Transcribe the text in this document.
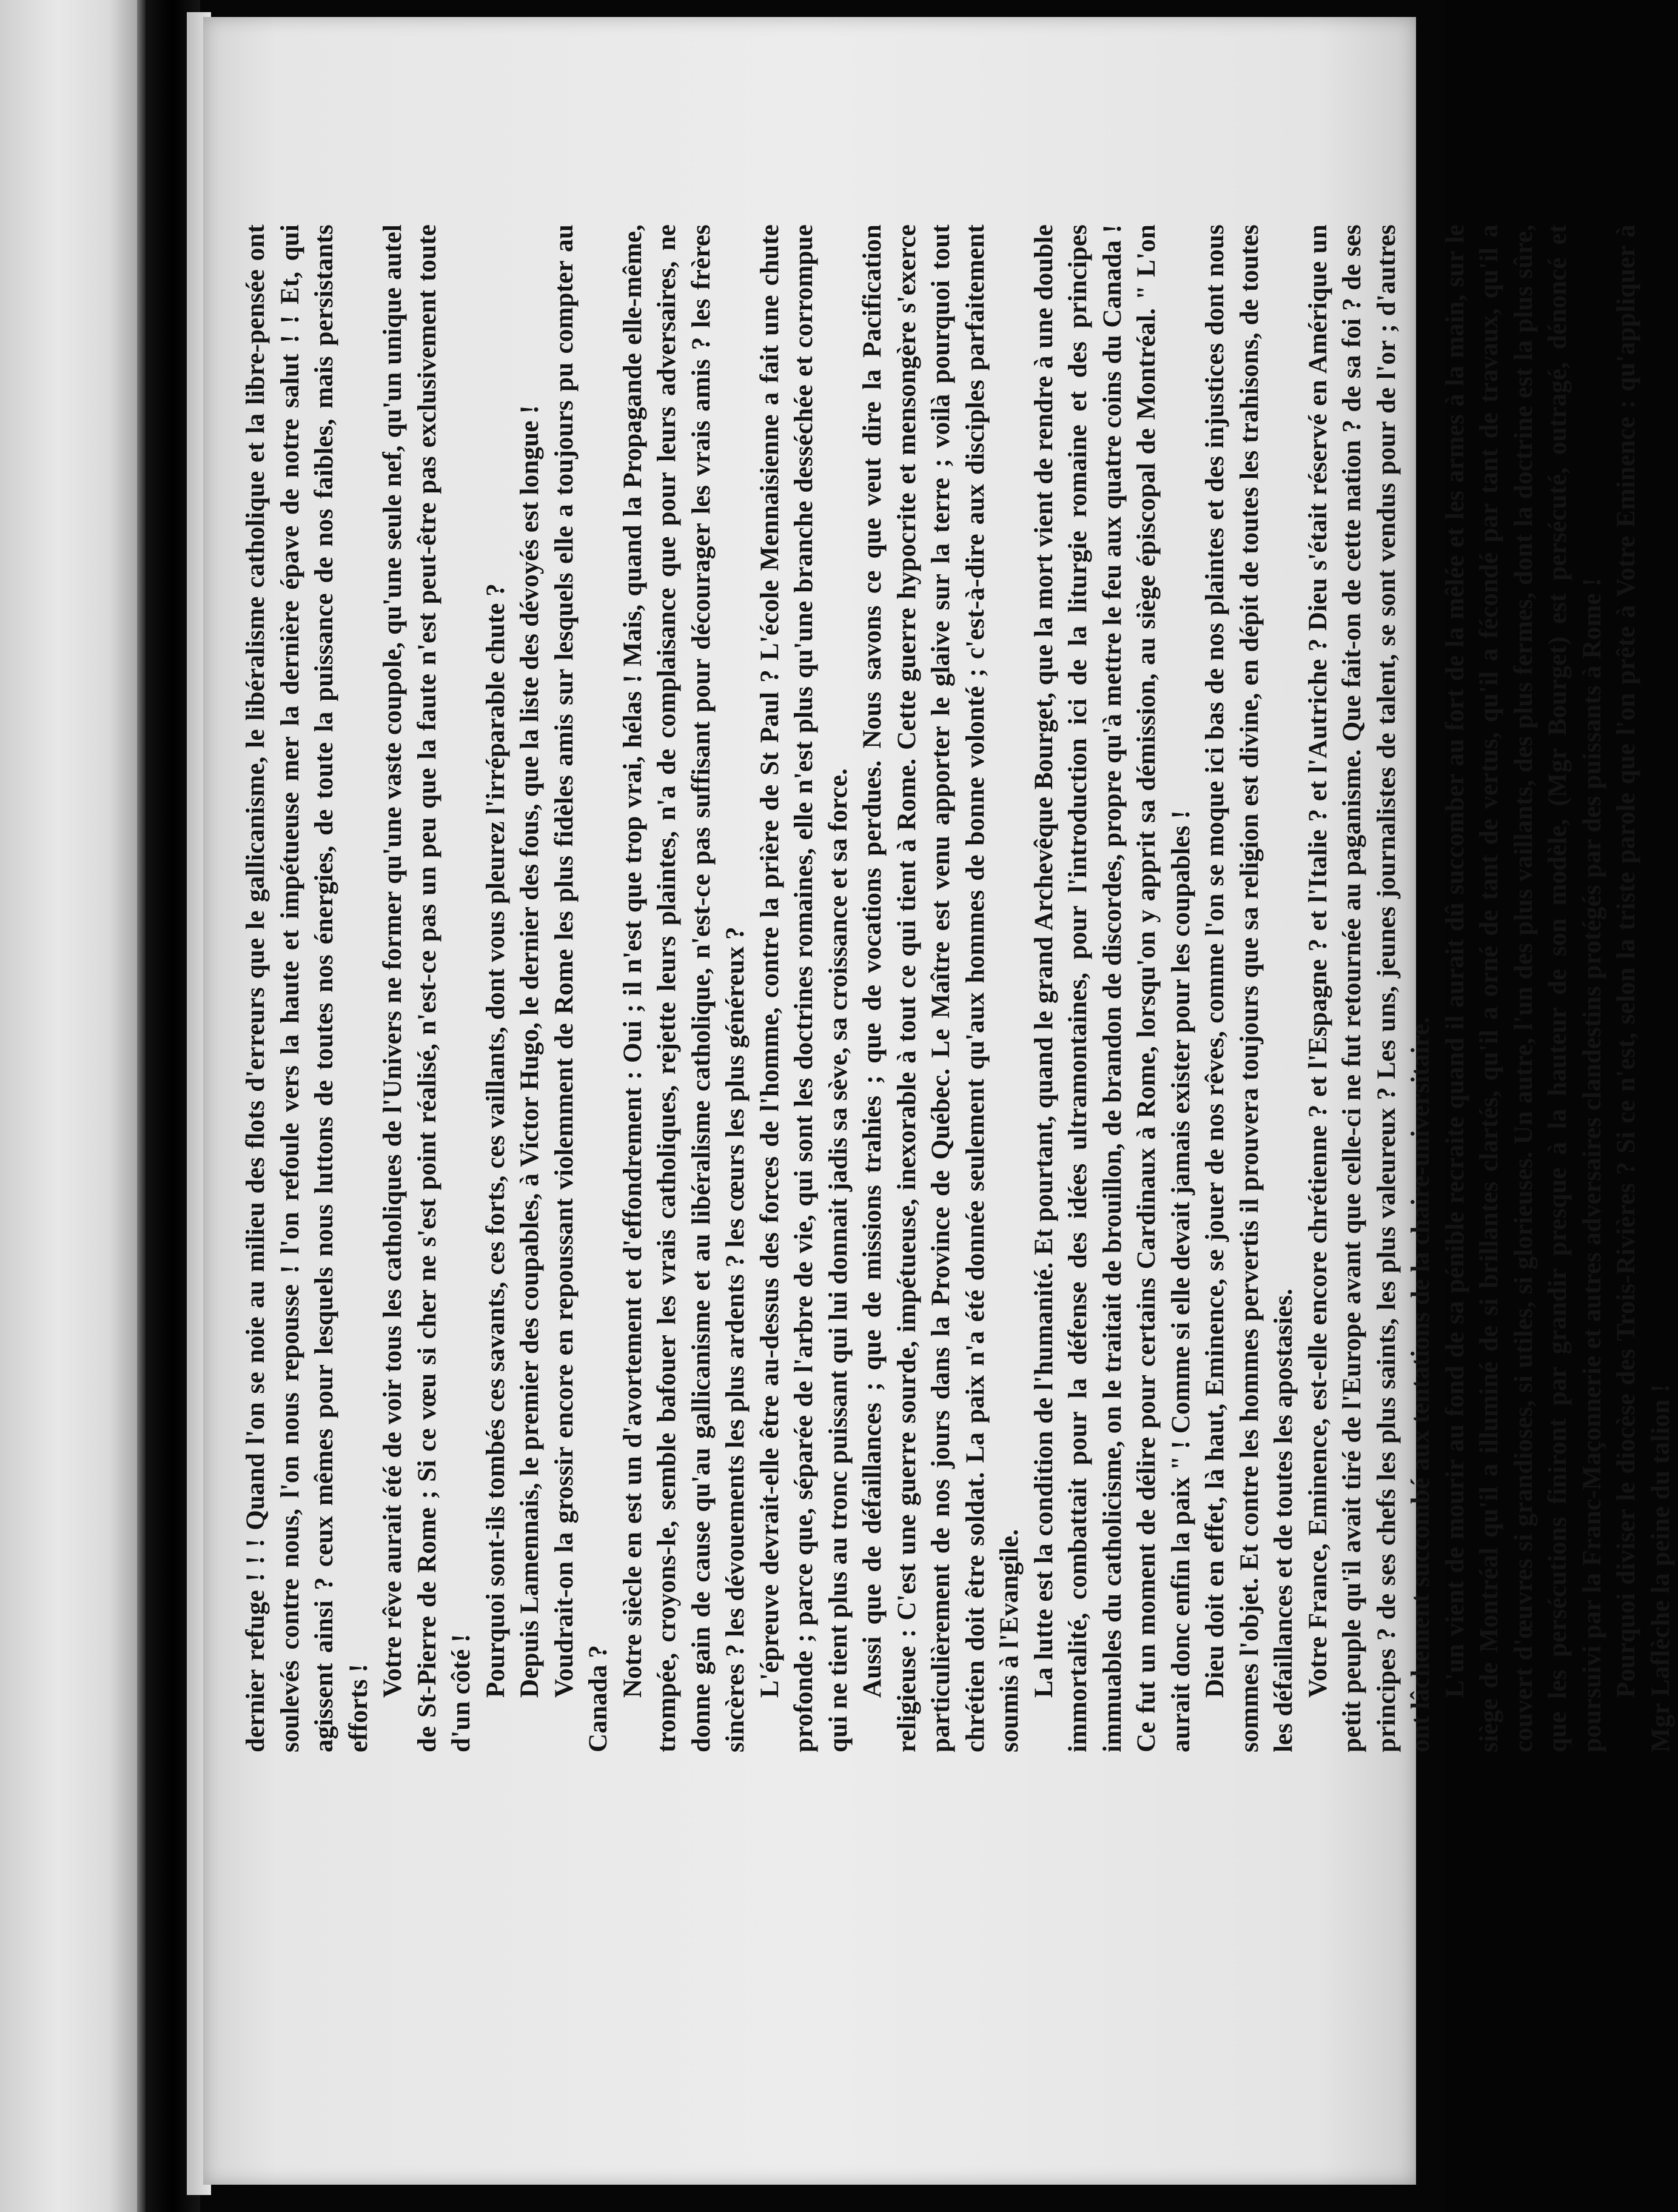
dernier refuge ! ! ! Quand l'on se noie au milieu des flots d'erreurs que le gallicanisme, le libéralisme catholique et la libre-pensée ont soulevés contre nous, l'on nous repousse ! l'on refoule vers la haute et impétueuse mer la dernière épave de notre salut ! ! Et, qui agissent ainsi ? ceux mêmes pour lesquels nous luttons de toutes nos énergies, de toute la puissance de nos faibles, mais persistants efforts !

Votre rêve aurait été de voir tous les catholiques de l'Univers ne former qu'une vaste coupole, qu'une seule nef, qu'un unique autel de St-Pierre de Rome ; Si ce vœu si cher ne s'est point réalisé, n'est-ce pas un peu que la faute n'est peut-être pas exclusivement toute d'un côté ! Pourquoi sont-ils tombés ces savants, ces forts, ces vaillants, dont vous pleurez l'irréparable chute ? Depuis Lamennais, le premier des coupables, à Victor Hugo, le dernier des fous, que la liste des dévoyés est longue ! Voudrait-on la grossir encore en repoussant violemment de Rome les plus fidèles amis sur lesquels elle a toujours pu compter au Canada ?

Notre siècle en est un d'avortement et d'effondrement : Oui ; il n'est que trop vrai, hélas ! Mais, quand la Propagande elle-même, trompée, croyons-le, semble bafouer les vrais catholiques, rejette leurs plaintes, n'a de complaisance que pour leurs adversaires, ne donne gain de cause qu'au gallicanisme et au libéralisme catholique, n'est-ce pas suffisant pour décourager les vrais amis ? les frères sincères ? les dévouements les plus ardents ? les cœurs les plus généreux ? L'épreuve devrait-elle être au-dessus des forces de l'homme, contre la prière de St Paul ? L'école Mennaisienne a fait une chute profonde ; parce que, séparée de l'arbre de vie, qui sont les doctrines romaines, elle n'est plus qu'une branche desséchée et corrompue qui ne tient plus au tronc puissant qui lui donnait jadis sa sève, sa croissance et sa force. Aussi que de défaillances ; que de missions trahies ; que de vocations perdues. Nous savons ce que veut dire la Pacification religieuse : C'est une guerre sourde, impétueuse, inexorable à tout ce qui tient à Rome. Cette guerre hypocrite et mensongère s'exerce particulièrement de nos jours dans la Province de Québec. Le Maître est venu apporter le glaive sur la terre ; voilà pourquoi tout chrétien doit être soldat. La paix n'a été donnée seulement qu'aux hommes de bonne volonté ; c'est-à-dire aux disciples parfaitement soumis à l'Evangile. La lutte est la condition de l'humanité. Et pourtant, quand le grand Archevêque Bourget, que la mort vient de rendre à une double immortalité, combattait pour la défense des idées ultramontaines, pour l'introduction ici de la liturgie romaine et des principes immuables du catholicisme, on le traitait de brouillon, de brandon de discordes, propre qu'à mettre le feu aux quatre coins du Canada ! Ce fut un moment de délire pour certains Cardinaux à Rome, lorsqu'on y apprit sa démission, au siège épiscopal de Montréal. " L'on aurait donc enfin la paix " ! Comme si elle devait jamais exister pour les coupables ! Dieu doit en effet, là haut, Eminence, se jouer de nos rêves, comme l'on se moque ici bas de nos plaintes et des injustices dont nous sommes l'objet. Et contre les hommes pervertis il prouvera toujours que sa religion est divine, en dépit de toutes les trahisons, de toutes les défaillances et de toutes les apostasies. Votre France, Eminence, est-elle encore chrétienne ? et l'Espagne ? et l'Italie ? et l'Autriche ? Dieu s'était réservé en Amérique un petit peuple qu'il avait tiré de l'Europe avant que celle-ci ne fut retournée au paganisme. Que fait-on de cette nation ? de sa foi ? de ses principes ? de ses chefs les plus saints, les plus valeureux ? Les uns, jeunes journalistes de talent, se sont vendus pour de l'or ; d'autres ont lâchement succombé aux tentations de la chaire-universitaire. L'un vient de mourir au fond de sa pénible recraite quand il aurait dû succomber au fort de la mêlée et les armes à la main, sur le siège de Montréal qu'il a illuminé de si brillantes clartés, qu'il a orné de tant de vertus, qu'il a fécondé par tant de travaux, qu'il a couvert d'œuvres si grandioses, si utiles, si glorieuses. Un autre, l'un des plus vaillants, des plus fermes, dont la doctrine est la plus sûre, que les persécutions finiront par grandir presque à la hauteur de son modèle, (Mgr Bourget) est persécuté, outragé, dénoncé et poursuivi par la Franc-Maçonnerie et autres adversaires clandestins protégés par des puissants à Rome ! Pourquoi diviser le diocèse des Trois-Rivières ? Si ce n'est, selon la triste parole que l'on prête à Votre Eminence : qu'appliquer à Mgr Laflèche la peine du talion !
